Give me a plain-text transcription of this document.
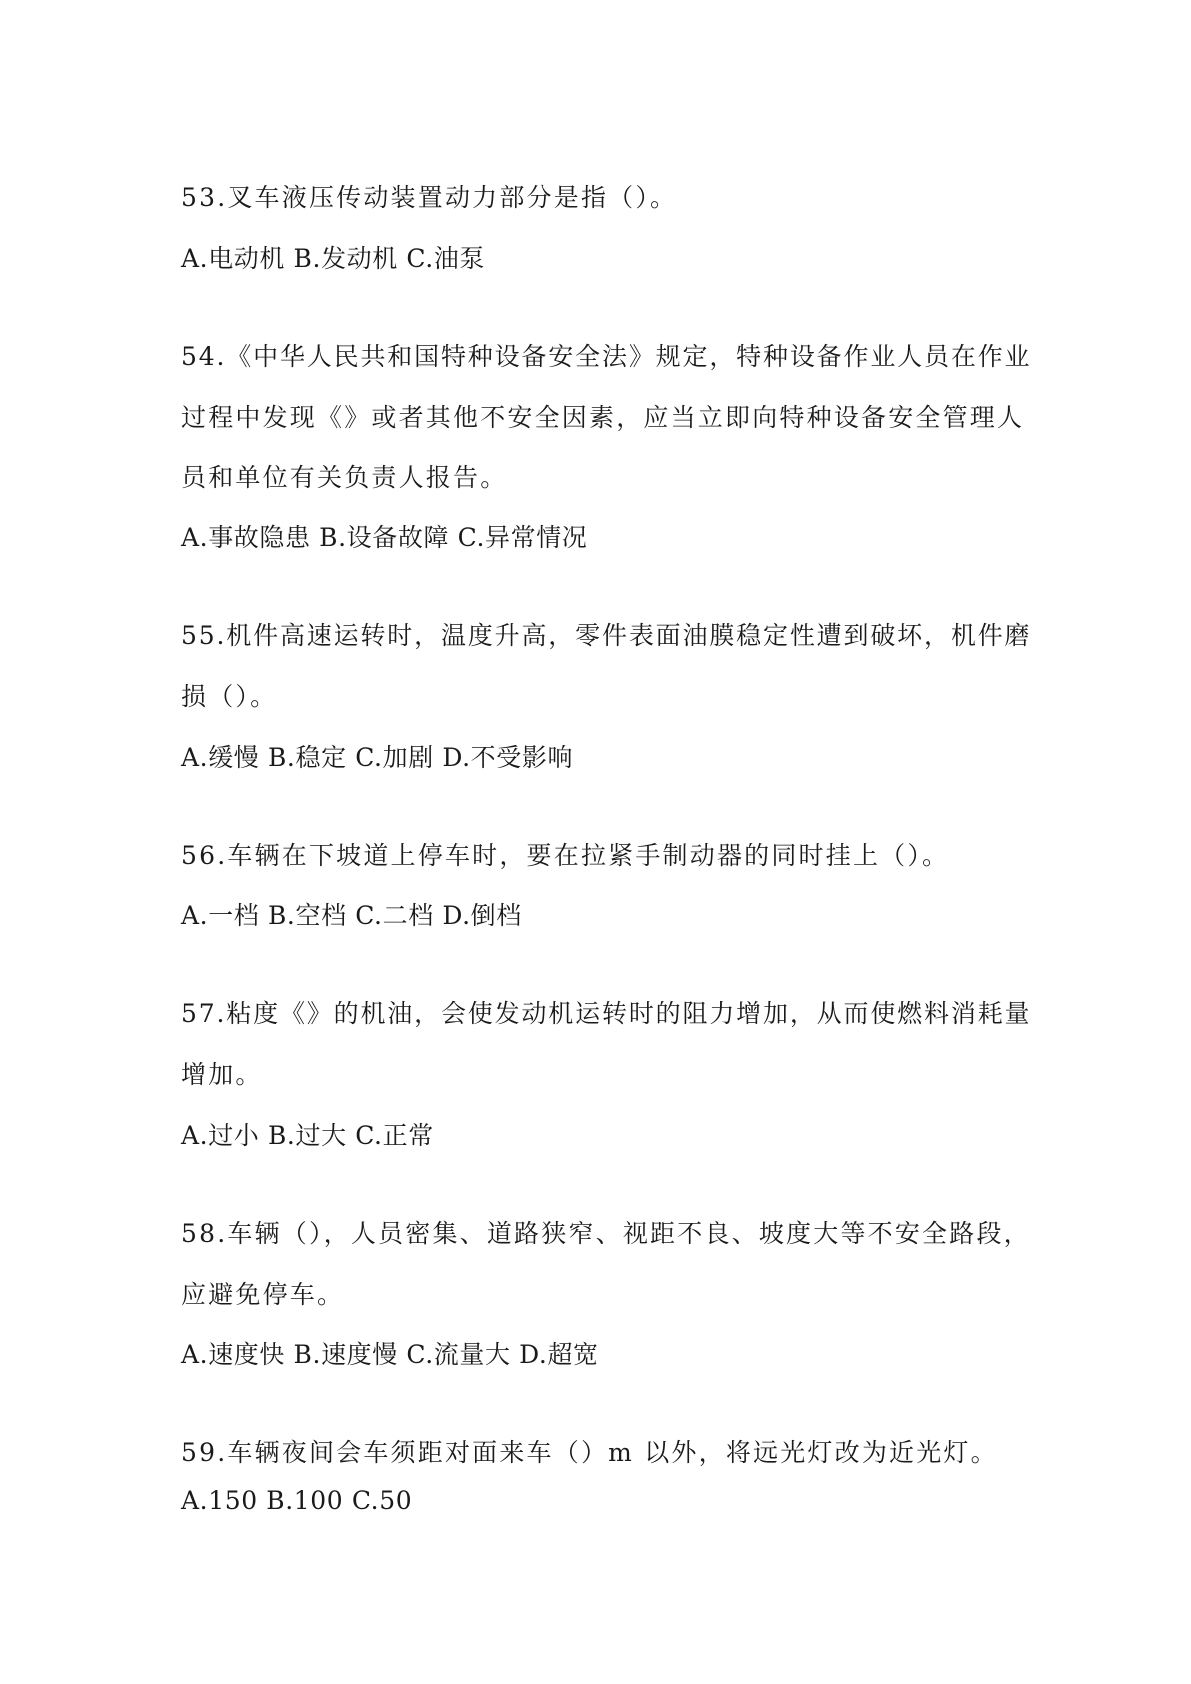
53.叉车液压传动装置动力部分是指（）。
A.电动机 B.发动机 C.油泵
54.《中华人民共和国特种设备安全法》规定，特种设备作业人员在作业
过程中发现《》或者其他不安全因素，应当立即向特种设备安全管理人
员和单位有关负责人报告。
A.事故隐患 B.设备故障 C.异常情况
55.机件高速运转时，温度升高，零件表面油膜稳定性遭到破坏，机件磨
损（）。
A.缓慢 B.稳定 C.加剧 D.不受影响
56.车辆在下坡道上停车时，要在拉紧手制动器的同时挂上（）。
A.一档 B.空档 C.二档 D.倒档
57.粘度《》的机油，会使发动机运转时的阻力增加，从而使燃料消耗量
增加。
A.过小 B.过大 C.正常
58.车辆（），人员密集、道路狭窄、视距不良、坡度大等不安全路段，
应避免停车。
A.速度快 B.速度慢 C.流量大 D.超宽
59.车辆夜间会车须距对面来车（）m 以外，将远光灯改为近光灯。
A.150 B.100 C.50
